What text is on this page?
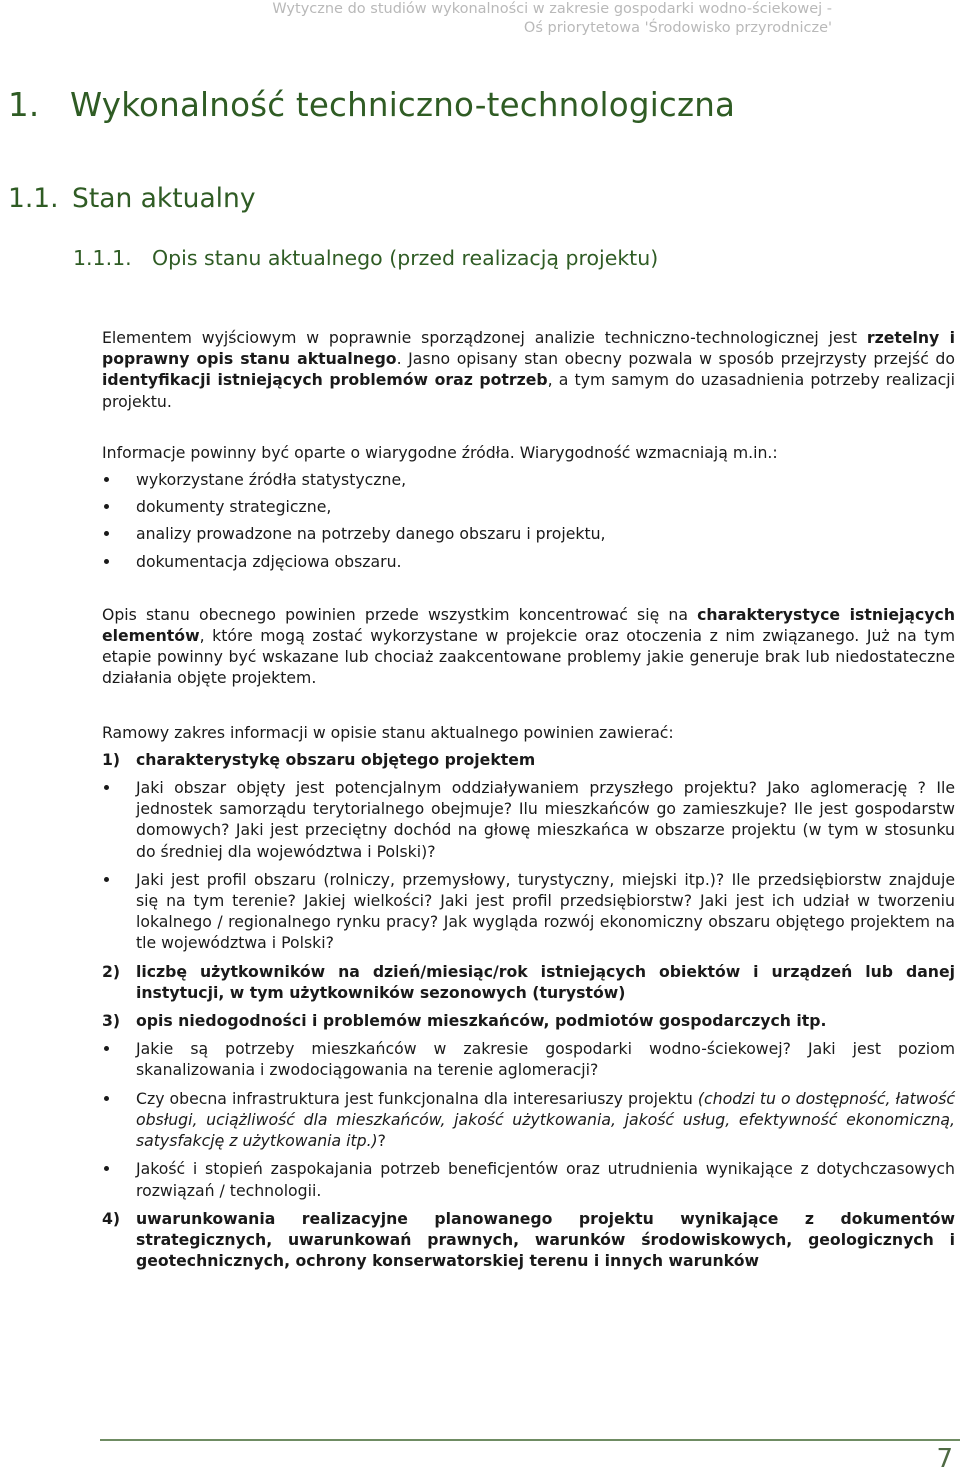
Wytyczne do studiów wykonalności w zakresie gospodarki wodno-ściekowej -
Oś priorytetowa 'Środowisko przyrodnicze'
1. Wykonalność techniczno-technologiczna
1.1. Stan aktualny
1.1.1. Opis stanu aktualnego (przed realizacją projektu)

Elementem wyjściowym w poprawnie sporządzonej analizie techniczno-technologicznej jest rzetelny i poprawny opis stanu aktualnego. Jasno opisany stan obecny pozwala w sposób przejrzysty przejść do identyfikacji istniejących problemów oraz potrzeb, a tym samym do uzasadnienia potrzeby realizacji projektu.

Informacje powinny być oparte o wiarygodne źródła. Wiarygodność wzmacniają m.in.:

wykorzystane źródła statystyczne,
dokumenty strategiczne,
analizy prowadzone na potrzeby danego obszaru i projektu,
dokumentacja zdjęciowa obszaru.

Opis stanu obecnego powinien przede wszystkim koncentrować się na charakterystyce istniejących elementów, które mogą zostać wykorzystane w projekcie oraz otoczenia z nim związanego. Już na tym etapie powinny być wskazane lub chociaż zaakcentowane problemy jakie generuje brak lub niedostateczne działania objęte projektem.

Ramowy zakres informacji w opisie stanu aktualnego powinien zawierać:

1) charakterystykę obszaru objętego projektem
Jaki obszar objęty jest potencjalnym oddziaływaniem przyszłego projektu? Jako aglomerację ? Ile jednostek samorządu terytorialnego obejmuje? Ilu mieszkańców go zamieszkuje? Ile jest gospodarstw domowych? Jaki jest przeciętny dochód na głowę mieszkańca w obszarze projektu (w tym w stosunku do średniej dla województwa i Polski)?
Jaki jest profil obszaru (rolniczy, przemysłowy, turystyczny, miejski itp.)? Ile przedsiębiorstw znajduje się na tym terenie? Jakiej wielkości? Jaki jest profil przedsiębiorstw? Jaki jest ich udział w tworzeniu lokalnego / regionalnego rynku pracy? Jak wygląda rozwój ekonomiczny obszaru objętego projektem na tle województwa i Polski?
2) liczbę użytkowników na dzień/miesiąc/rok istniejących obiektów i urządzeń lub danej instytucji, w tym użytkowników sezonowych (turystów)
3) opis niedogodności i problemów mieszkańców, podmiotów gospodarczych itp.
Jakie są potrzeby mieszkańców w zakresie gospodarki wodno-ściekowej? Jaki jest poziom skanalizowania i zwodociągowania na terenie aglomeracji?
Czy obecna infrastruktura jest funkcjonalna dla interesariuszy projektu (chodzi tu o dostępność, łatwość obsługi, uciążliwość dla mieszkańców, jakość użytkowania, jakość usług, efektywność ekonomiczną, satysfakcję z użytkowania itp.)?
Jakość i stopień zaspokajania potrzeb beneficjentów oraz utrudnienia wynikające z dotychczasowych rozwiązań / technologii.
4) uwarunkowania realizacyjne planowanego projektu wynikające z dokumentów strategicznych, uwarunkowań prawnych, warunków środowiskowych, geologicznych i geotechnicznych, ochrony konserwatorskiej terenu i innych warunków
7
